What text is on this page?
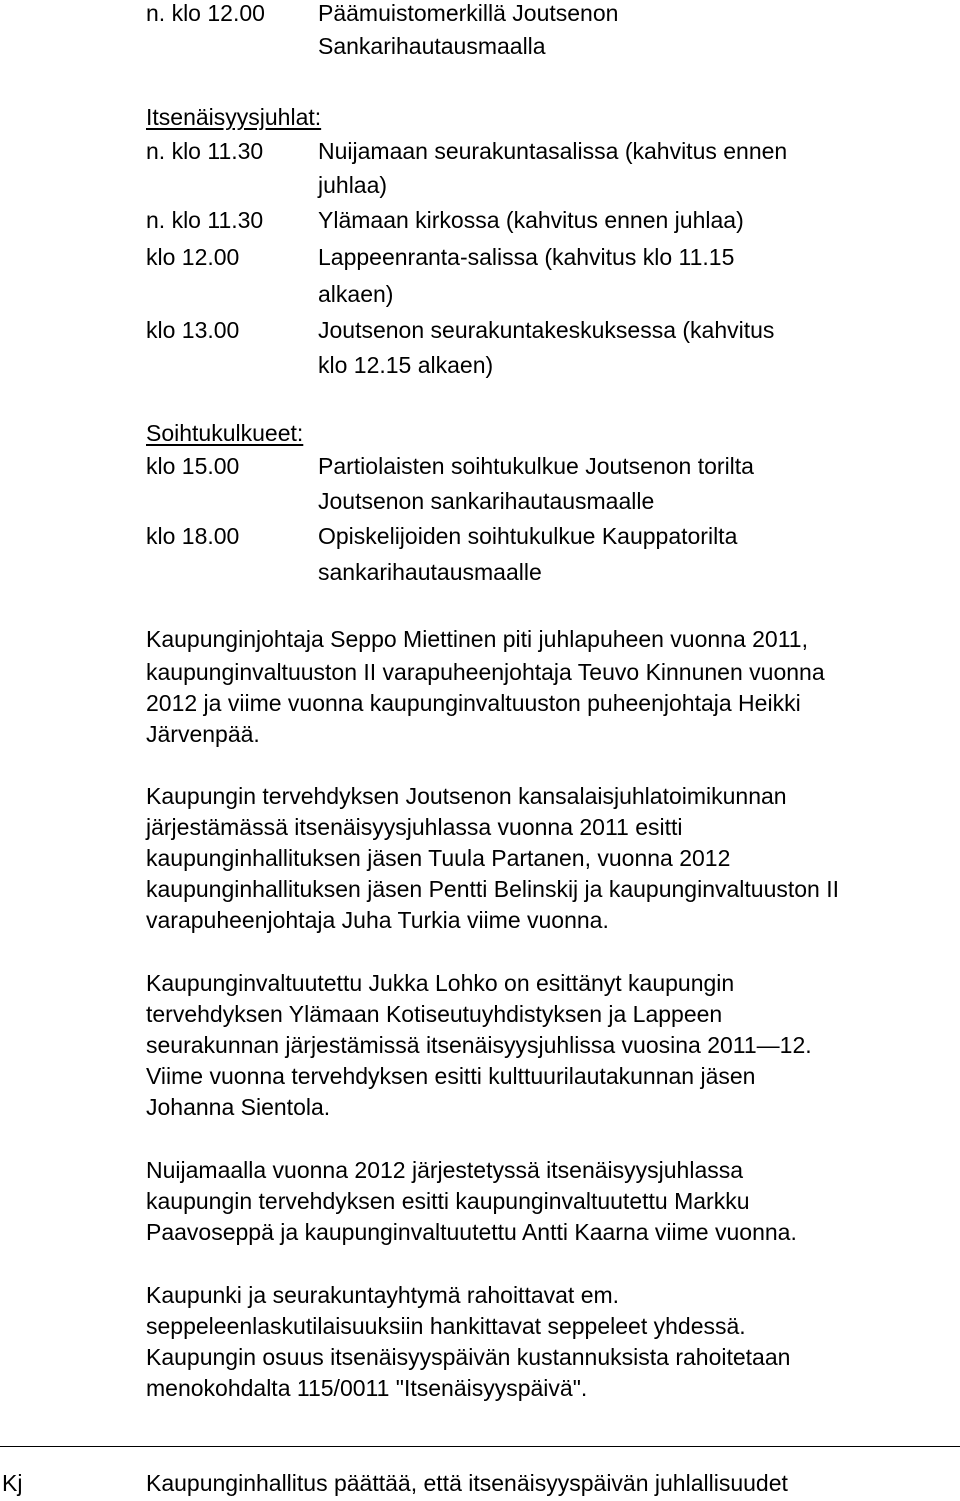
n. klo 12.00 Päämuistomerkillä Joutsenon
Sankarihautausmaalla
Itsenäisyysjuhlat:
n. klo 11.30 Nuijamaan seurakuntasalissa (kahvitus ennen
juhlaa)
n. klo 11.30 Ylämaan kirkossa (kahvitus ennen juhlaa)
klo 12.00	Lappeenranta-salissa (kahvitus klo 11.15
alkaen)
klo 13.00	Joutsenon seurakuntakeskuksessa (kahvitus
klo 12.15 alkaen)
Soihtukulkueet:
klo 15.00	Partiolaisten soihtukulkue Joutsenon torilta
Joutsenon sankarihautausmaalle
klo 18.00	Opiskelijoiden soihtukulkue Kauppatorilta
sankarihautausmaalle
Kaupunginjohtaja Seppo Miettinen piti juhlapuheen vuonna 2011,
kaupunginvaltuuston II varapuheenjohtaja Teuvo Kinnunen vuonna
2012 ja viime vuonna kaupunginvaltuuston puheenjohtaja Heikki
Järvenpää.
Kaupungin tervehdyksen Joutsenon kansalaisjuhlatoimikunnan
järjestämässä itsenäisyysjuhlassa vuonna 2011 esitti
kaupunginhallituksen jäsen Tuula Partanen, vuonna 2012
kaupunginhallituksen jäsen Pentti Belinskij ja kaupunginvaltuuston II
varapuheenjohtaja Juha Turkia viime vuonna.
Kaupunginvaltuutettu Jukka Lohko on esittänyt kaupungin
tervehdyksen Ylämaan Kotiseutuyhdistyksen ja Lappeen
seurakunnan järjestämissä itsenäisyysjuhlissa vuosina 2011—12.
Viime vuonna tervehdyksen esitti kulttuurilautakunnan jäsen
Johanna Sientola.
Nuijamaalla vuonna 2012 järjestetyssä itsenäisyysjuhlassa
kaupungin tervehdyksen esitti kaupunginvaltuutettu Markku
Paavoseppä ja kaupunginvaltuutettu Antti Kaarna viime vuonna.
Kaupunki ja seurakuntayhtymä rahoittavat em.
seppeleenlaskutilaisuuksiin hankittavat seppeleet yhdessä.
Kaupungin osuus itsenäisyyspäivän kustannuksista rahoitetaan
menokohdalta 115/0011 "Itsenäisyyspäivä".
Kj	Kaupunginhallitus päättää, että itsenäisyyspäivän juhlallisuudet
